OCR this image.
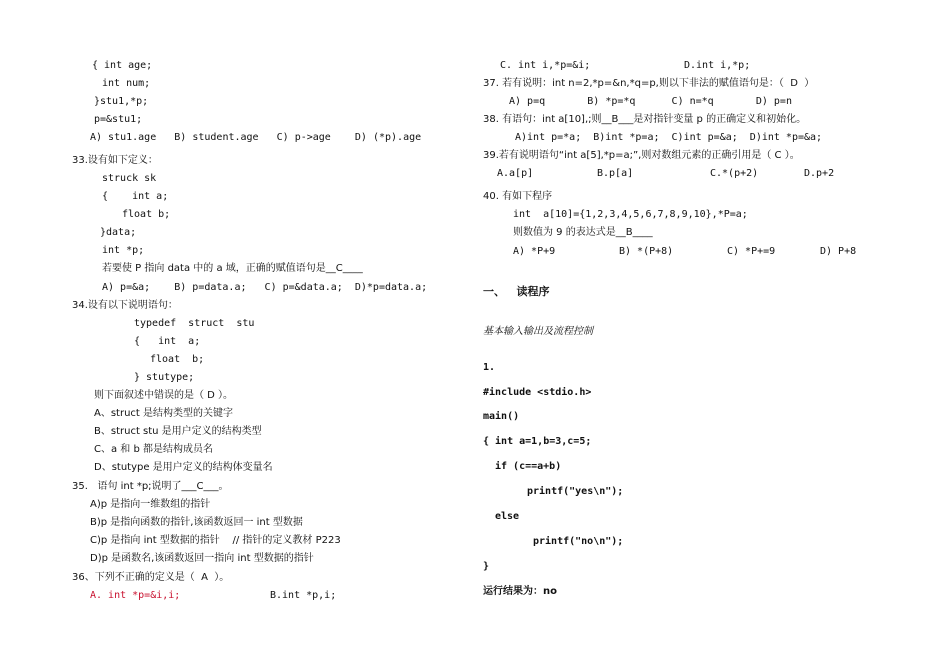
{ int age;
int num;
}stu1,*p;
p=&stu1;
A) stu1.age   B) student.age   C) p->age    D) (*p).age
33.设有如下定义：
struck sk
{    int a;
float b;
}data;
int *p;
若要使 P 指向 data 中的 a 域，正确的赋值语句是__C____
A) p=&a;    B) p=data.a;   C) p=&data.a;  D)*p=data.a;
34.设有以下说明语句：
typedef  struct  stu
{   int  a;
float  b;
} stutype;
则下面叙述中错误的是（ D ）。
A、struct 是结构类型的关键字
B、struct stu 是用户定义的结构类型
C、a 和 b 都是结构成员名
D、stutype 是用户定义的结构体变量名
35.   语句 int *p;说明了___C___。
A)p 是指向一维数组的指针
B)p 是指向函数的指针,该函数返回一 int 型数据
C)p 是指向 int 型数据的指针    // 指针的定义教材 P223
D)p 是函数名,该函数返回一指向 int 型数据的指针
36、下列不正确的定义是（  A  ）。
A. int *p=&i,i;	B.int *p,i;
C. int i,*p=&i;	D.int i,*p;
37. 若有说明：int n=2,*p=&n,*q=p,则以下非法的赋值语句是：（  D  ）
A) p=q       B) *p=*q      C) n=*q       D) p=n
38. 有语句：int a[10],;则__B___是对指针变量 p 的正确定义和初始化。
A)int p=*a;  B)int *p=a;  C)int p=&a;  D)int *p=&a;
39.若有说明语句“int a[5],*p=a;”,则对数组元素的正确引用是（ C ）。
A.a[p]	B.p[a]	C.*(p+2)	D.p+2
40. 有如下程序
int  a[10]={1,2,3,4,5,6,7,8,9,10},*P=a;
则数值为 9 的表达式是__B____
A) *P+9	B) *(P+8)	C) *P+=9	D) P+8
一、   读程序
基本输入输出及流程控制
1.
#include <stdio.h>
main()
{ int a=1,b=3,c=5;
if (c==a+b)
printf("yes\n");
else
printf("no\n");
}
运行结果为：no
